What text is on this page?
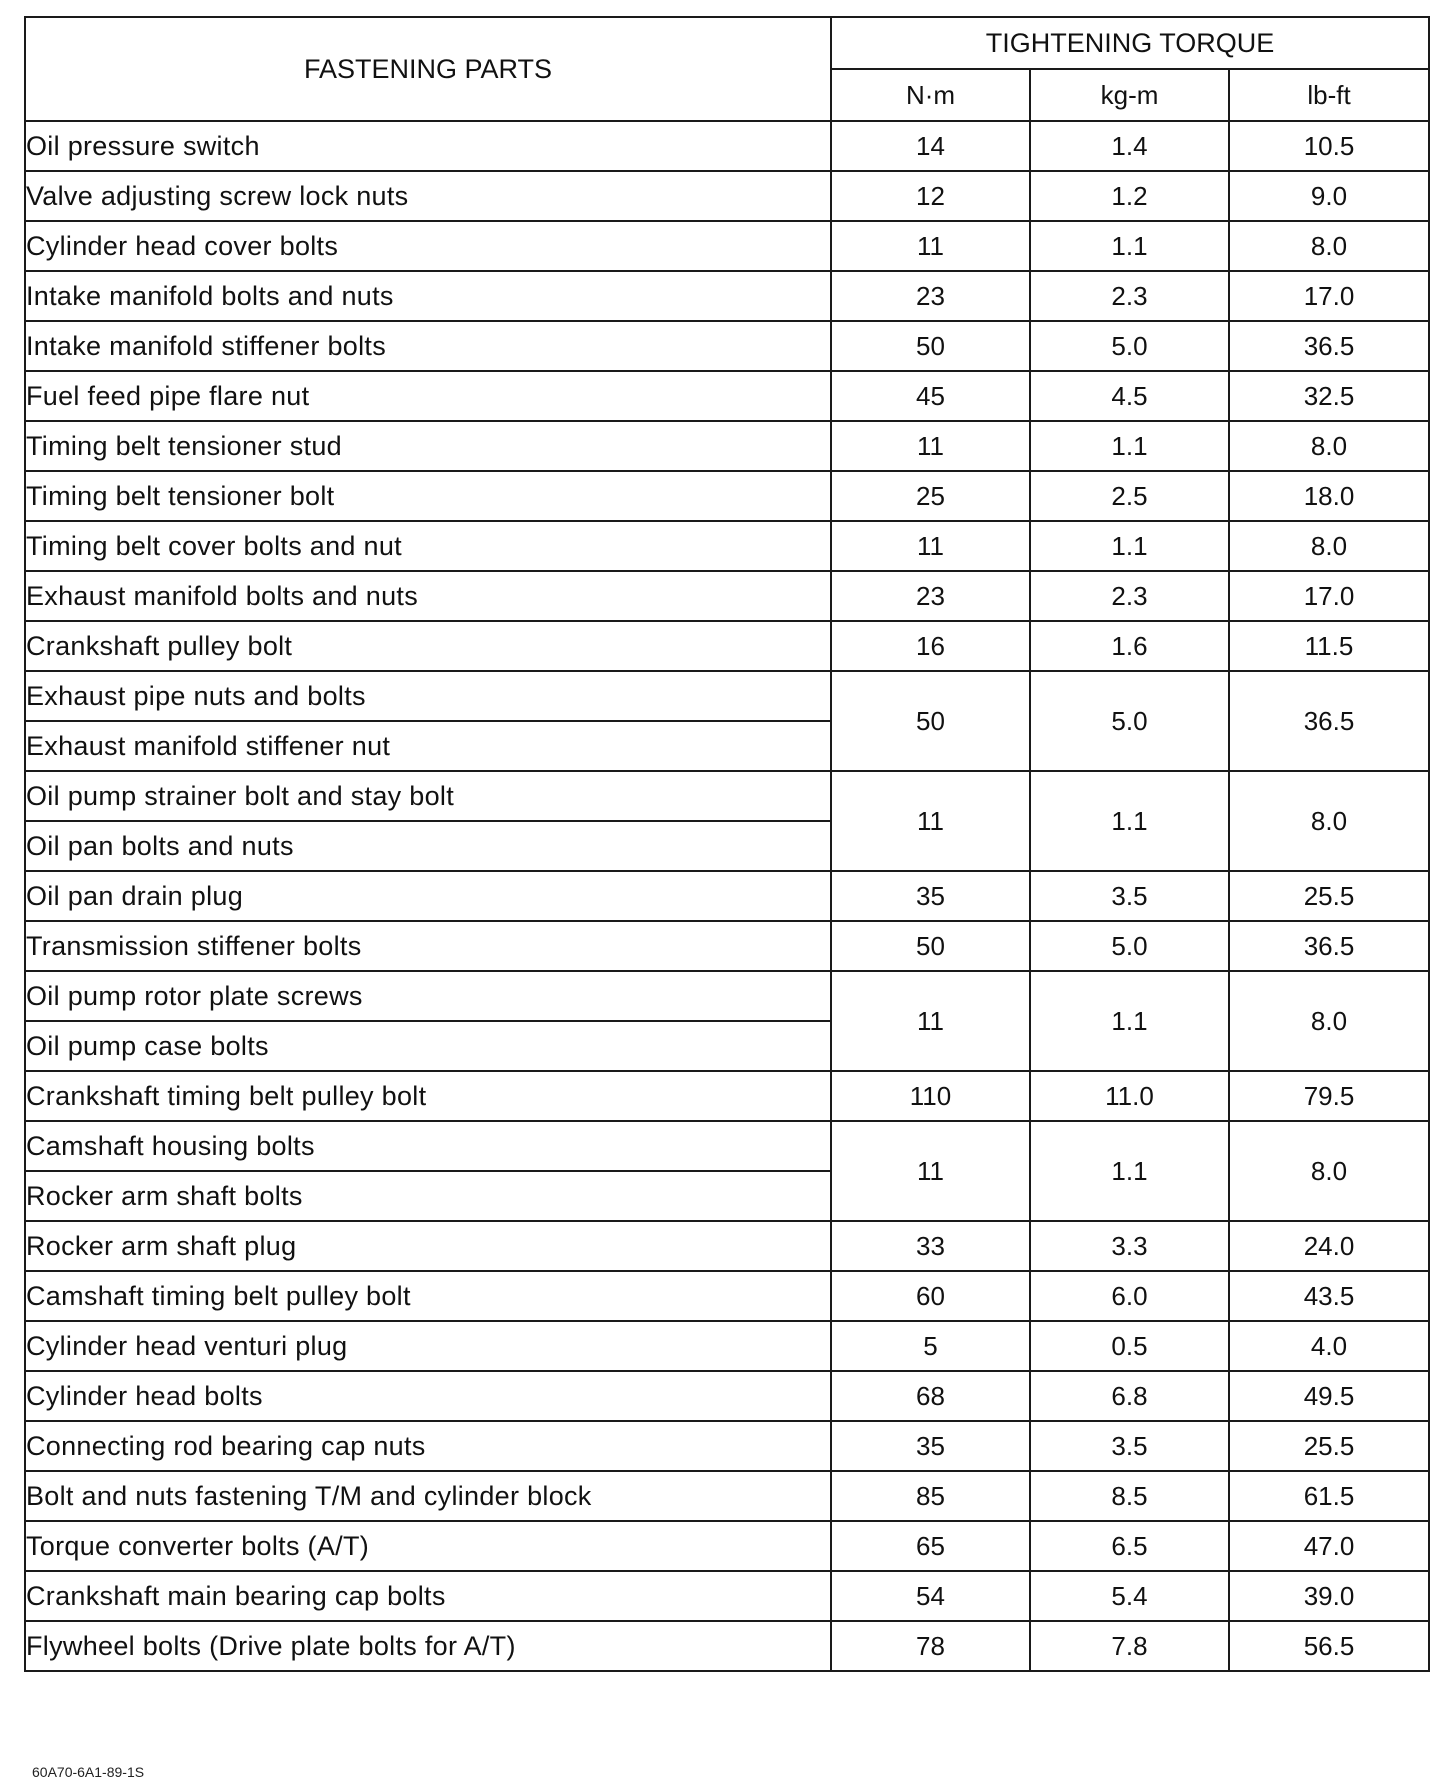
FASTENING PARTS	TIGHTENING TORQUE		
	N·m	kg-m	lb-ft
Oil pressure switch	14	1.4	10.5
Valve adjusting screw lock nuts	12	1.2	9.0
Cylinder head cover bolts	11	1.1	8.0
Intake manifold bolts and nuts	23	2.3	17.0
Intake manifold stiffener bolts	50	5.0	36.5
Fuel feed pipe flare nut	45	4.5	32.5
Timing belt tensioner stud	11	1.1	8.0
Timing belt tensioner bolt	25	2.5	18.0
Timing belt cover bolts and nut	11	1.1	8.0
Exhaust manifold bolts and nuts	23	2.3	17.0
Crankshaft pulley bolt	16	1.6	11.5
Exhaust pipe nuts and bolts	50	5.0	36.5
Exhaust manifold stiffener nut			
Oil pump strainer bolt and stay bolt	11	1.1	8.0
Oil pan bolts and nuts			
Oil pan drain plug	35	3.5	25.5
Transmission stiffener bolts	50	5.0	36.5
Oil pump rotor plate screws	11	1.1	8.0
Oil pump case bolts			
Crankshaft timing belt pulley bolt	110	11.0	79.5
Camshaft housing bolts	11	1.1	8.0
Rocker arm shaft bolts			
Rocker arm shaft plug	33	3.3	24.0
Camshaft timing belt pulley bolt	60	6.0	43.5
Cylinder head venturi plug	5	0.5	4.0
Cylinder head bolts	68	6.8	49.5
Connecting rod bearing cap nuts	35	3.5	25.5
Bolt and nuts fastening T/M and cylinder block	85	8.5	61.5
Torque converter bolts (A/T)	65	6.5	47.0
Crankshaft main bearing cap bolts	54	5.4	39.0
Flywheel bolts (Drive plate bolts for A/T)	78	7.8	56.5
60A70-6A1-89-1S
